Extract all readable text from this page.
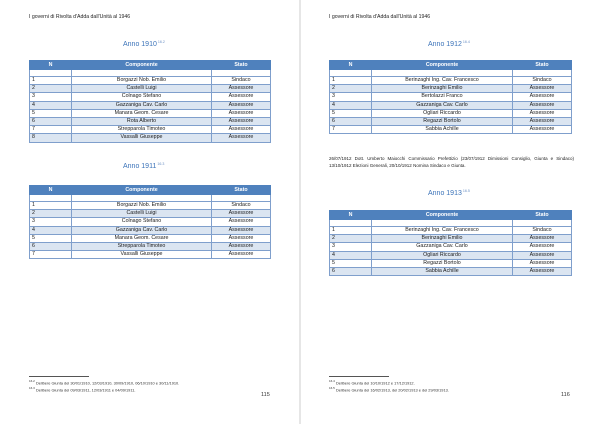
I governi di Rivolta d'Adda dall'Unità al 1946
Anno $1910^{16.2}$
N	Componente	Stato

1	Borgazzi Nob. Emilio	Sindaco
2	Castelli Luigi	Assessore
3	Colnago Stefano	Assessore
4	Gazzaniga Cav. Carlo	Assessore
5	Manara Geom. Cesare	Assessore
6	Rota Alberto	Assessore
7	Strepparola Timoteo	Assessore
8	Vassalli Giuseppe	Assessore
Anno $1911^{16.3}$
N	Componente	Stato

1	Borgazzi Nob. Emilio	Sindaco
2	Castelli Luigi	Assessore
3	Colnago Stefano	Assessore
4	Gazzaniga Cav. Carlo	Assessore
5	Manara Geom. Cesare	Assessore
6	Strepparola Timoteo	Assessore
7	Vassalli Giuseppe	Assessore
$^{16.2}$ Delibere Giunta del 30/01/1910, 12/03/1910, 30/09/1910, 06/10/1910 e 30/11/1910.
$^{16.3}$ Delibere Giunta del 09/03/1911, 12/03/1911 e 04/09/1911.
115
I governi di Rivolta d'Adda dall'Unità al 1946
Anno $1912^{16.4}$
N	Componente	Stato

1	Berinzaghi Ing. Cav. Francesco	Sindaco
2	Berinzaghi Emilio	Assessore
3	Bertolazzi Franco	Assessore
4	Gazzaniga Cav. Carlo	Assessore
5	Ogliari Riccardo	Assessore
6	Regazzi Bortolo	Assessore
7	Sabbia Achille	Assessore
26/07/1912 Dott. Umberto Maiocchi Commissario Prefettizio (23/07/1912 Dimissioni Consiglio, Giunta e Sindaco) 13/10/1912 Elezioni Generali, 20/10/1912 Nomina Sindaco e Giunta.
Anno $1913^{16.5}$
N	Componente	Stato

1	Berinzaghi Ing. Cav. Francesco	Sindaco
2	Berinzaghi Emilio	Assessore
3	Gazzaniga Cav. Carlo	Assessore
4	Ogliari Riccardo	Assessore
5	Regazzi Bortolo	Assessore
6	Sabbia Achille	Assessore
$^{16.4}$ Delibere Giunta del 10/10/1912 e 17/12/1912.
$^{16.5}$ Delibere Giunta del 16/02/1913, del 20/02/1913 e del 29/03/1913.
116
